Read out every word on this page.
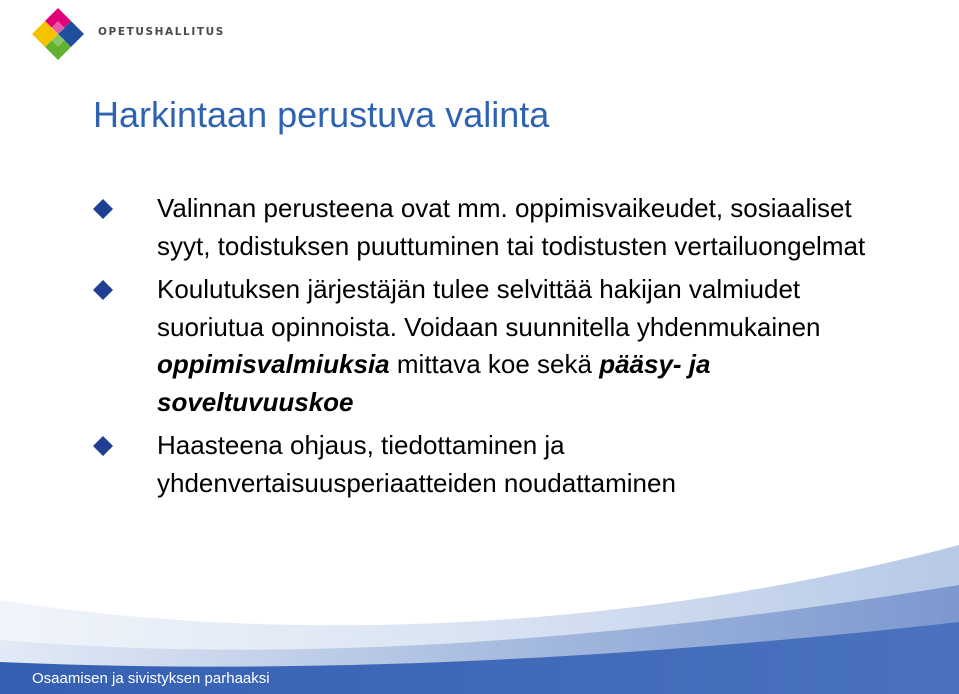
OPETUSHALLITUS
Harkintaan perustuva valinta
Valinnan perusteena ovat mm. oppimisvaikeudet, sosiaaliset syyt, todistuksen puuttuminen tai todistusten vertailuongelmat
Koulutuksen järjestäjän tulee selvittää hakijan valmiudet suoriutua opinnoista. Voidaan suunnitella yhdenmukainen oppimisvalmiuksia mittava koe sekä pääsy- ja soveltuvuuskoe
Haasteena ohjaus, tiedottaminen ja yhdenvertaisuusperiaatteiden noudattaminen
Osaamisen ja sivistyksen parhaaksi
